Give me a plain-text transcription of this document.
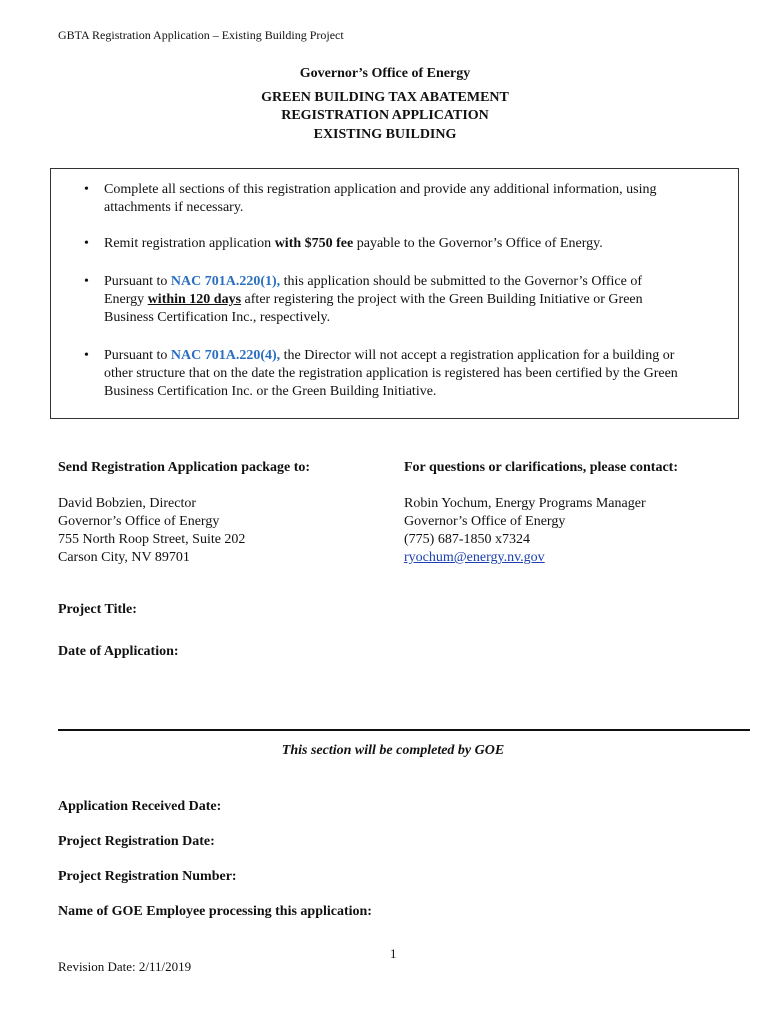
GBTA Registration Application – Existing Building Project
Governor’s Office of Energy
GREEN BUILDING TAX ABATEMENT
REGISTRATION APPLICATION
EXISTING BUILDING
• Complete all sections of this registration application and provide any additional information, using
attachments if necessary.
• Remit registration application with $750 fee payable to the Governor’s Office of Energy.
• Pursuant to NAC 701A.220(1), this application should be submitted to the Governor’s Office of
Energy within 120 days after registering the project with the Green Building Initiative or Green
Business Certification Inc., respectively.
• Pursuant to NAC 701A.220(4), the Director will not accept a registration application for a building or
other structure that on the date the registration application is registered has been certified by the Green
Business Certification Inc. or the Green Building Initiative.
Send Registration Application package to:
David Bobzien, Director
Governor’s Office of Energy
755 North Roop Street, Suite 202
Carson City, NV 89701
For questions or clarifications, please contact:
Robin Yochum, Energy Programs Manager
Governor’s Office of Energy
(775) 687-1850 x7324
ryochum@energy.nv.gov
Project Title:
Date of Application:
This section will be completed by GOE
Application Received Date:
Project Registration Date:
Project Registration Number:
Name of GOE Employee processing this application:
1
Revision Date: 2/11/2019
